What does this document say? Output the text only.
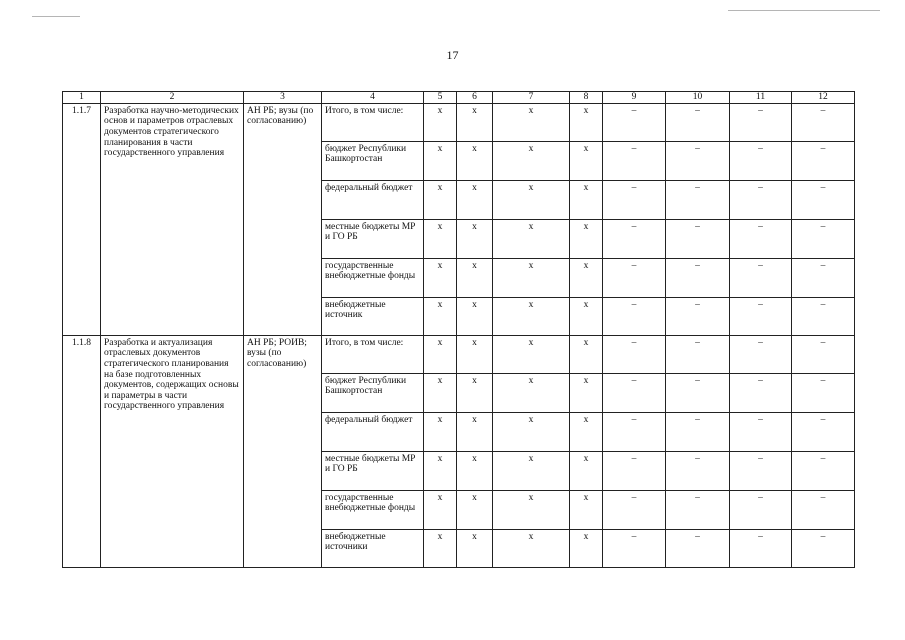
17
1	2	3	4	5	6	7	8	9	10	11	12
1.1.7	Разработка научно-методических основ и параметров отраслевых документов стратегического планирования в части государственного управления	АН РБ; вузы (по согласованию)	Итого, в том числе:	x	x	x	x	–	–	–	–
			бюджет Республики Башкортостан	x	x	x	x	–	–	–	–
			федеральный бюджет	x	x	x	x	–	–	–	–
			местные бюджеты МР и ГО РБ	x	x	x	x	–	–	–	–
			государственные внебюджетные фонды	x	x	x	x	–	–	–	–
			внебюджетные источник	x	x	x	x	–	–	–	–
1.1.8	Разработка и актуализация отраслевых документов стратегического планирования на базе подготовленных документов, содержащих основы и параметры в части государственного управления	АН РБ; РОИВ; вузы (по согласованию)	Итого, в том числе:	x	x	x	x	–	–	–	–
			бюджет Республики Башкортостан	x	x	x	x	–	–	–	–
			федеральный бюджет	x	x	x	x	–	–	–	–
			местные бюджеты МР и ГО РБ	x	x	x	x	–	–	–	–
			государственные внебюджетные фонды	x	x	x	x	–	–	–	–
			внебюджетные источники	x	x	x	x	–	–	–	–
